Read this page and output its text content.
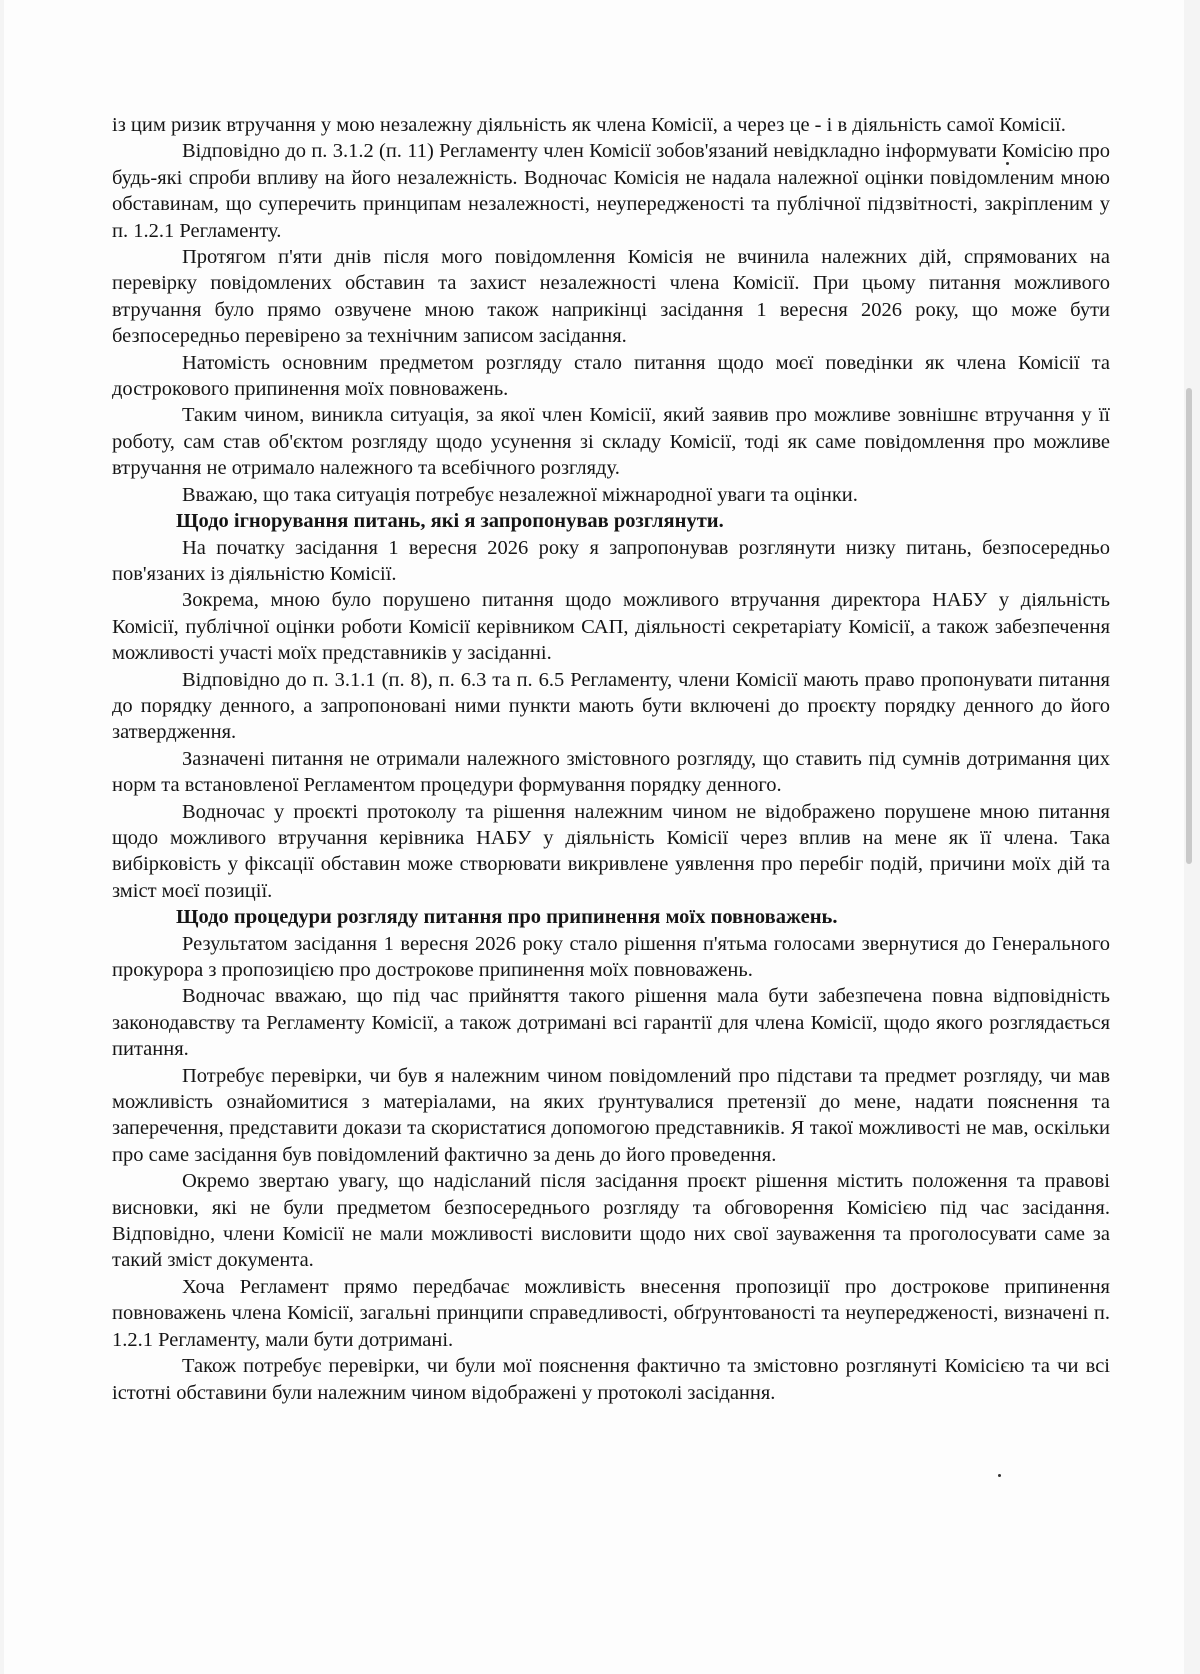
із цим ризик втручання у мою незалежну діяльність як члена Комісії, а через це - і в діяльність самої Комісії.

Відповідно до п. 3.1.2 (п. 11) Регламенту член Комісії зобов'язаний невідкладно інформувати Комісію про будь-які спроби впливу на його незалежність. Водночас Комісія не надала належної оцінки повідомленим мною обставинам, що суперечить принципам незалежності, неупередженості та публічної підзвітності, закріпленим у п. 1.2.1 Регламенту.

Протягом п'яти днів після мого повідомлення Комісія не вчинила належних дій, спрямованих на перевірку повідомлених обставин та захист незалежності члена Комісії. При цьому питання можливого втручання було прямо озвучене мною також наприкінці засідання 1 вересня 2026 року, що може бути безпосередньо перевірено за технічним записом засідання.

Натомість основним предметом розгляду стало питання щодо моєї поведінки як члена Комісії та дострокового припинення моїх повноважень.

Таким чином, виникла ситуація, за якої член Комісії, який заявив про можливе зовнішнє втручання у її роботу, сам став об'єктом розгляду щодо усунення зі складу Комісії, тоді як саме повідомлення про можливе втручання не отримало належного та всебічного розгляду.

Вважаю, що така ситуація потребує незалежної міжнародної уваги та оцінки.

Щодо ігнорування питань, які я запропонував розглянути.

На початку засідання 1 вересня 2026 року я запропонував розглянути низку питань, безпосередньо пов'язаних із діяльністю Комісії.

Зокрема, мною було порушено питання щодо можливого втручання директора НАБУ у діяльність Комісії, публічної оцінки роботи Комісії керівником САП, діяльності секретаріату Комісії, а також забезпечення можливості участі моїх представників у засіданні.

Відповідно до п. 3.1.1 (п. 8), п. 6.3 та п. 6.5 Регламенту, члени Комісії мають право пропонувати питання до порядку денного, а запропоновані ними пункти мають бути включені до проєкту порядку денного до його затвердження.

Зазначені питання не отримали належного змістовного розгляду, що ставить під сумнів дотримання цих норм та встановленої Регламентом процедури формування порядку денного.

Водночас у проєкті протоколу та рішення належним чином не відображено порушене мною питання щодо можливого втручання керівника НАБУ у діяльність Комісії через вплив на мене як її члена. Така вибірковість у фіксації обставин може створювати викривлене уявлення про перебіг подій, причини моїх дій та зміст моєї позиції.

Щодо процедури розгляду питання про припинення моїх повноважень.

Результатом засідання 1 вересня 2026 року стало рішення п'ятьма голосами звернутися до Генерального прокурора з пропозицією про дострокове припинення моїх повноважень.

Водночас вважаю, що під час прийняття такого рішення мала бути забезпечена повна відповідність законодавству та Регламенту Комісії, а також дотримані всі гарантії для члена Комісії, щодо якого розглядається питання.

Потребує перевірки, чи був я належним чином повідомлений про підстави та предмет розгляду, чи мав можливість ознайомитися з матеріалами, на яких ґрунтувалися претензії до мене, надати пояснення та заперечення, представити докази та скористатися допомогою представників. Я такої можливості не мав, оскільки про саме засідання був повідомлений фактично за день до його проведення.

Окремо звертаю увагу, що надісланий після засідання проєкт рішення містить положення та правові висновки, які не були предметом безпосереднього розгляду та обговорення Комісією під час засідання. Відповідно, члени Комісії не мали можливості висловити щодо них свої зауваження та проголосувати саме за такий зміст документа.

Хоча Регламент прямо передбачає можливість внесення пропозиції про дострокове припинення повноважень члена Комісії, загальні принципи справедливості, обґрунтованості та неупередженості, визначені п. 1.2.1 Регламенту, мали бути дотримані.

Також потребує перевірки, чи були мої пояснення фактично та змістовно розглянуті Комісією та чи всі істотні обставини були належним чином відображені у протоколі засідання.
